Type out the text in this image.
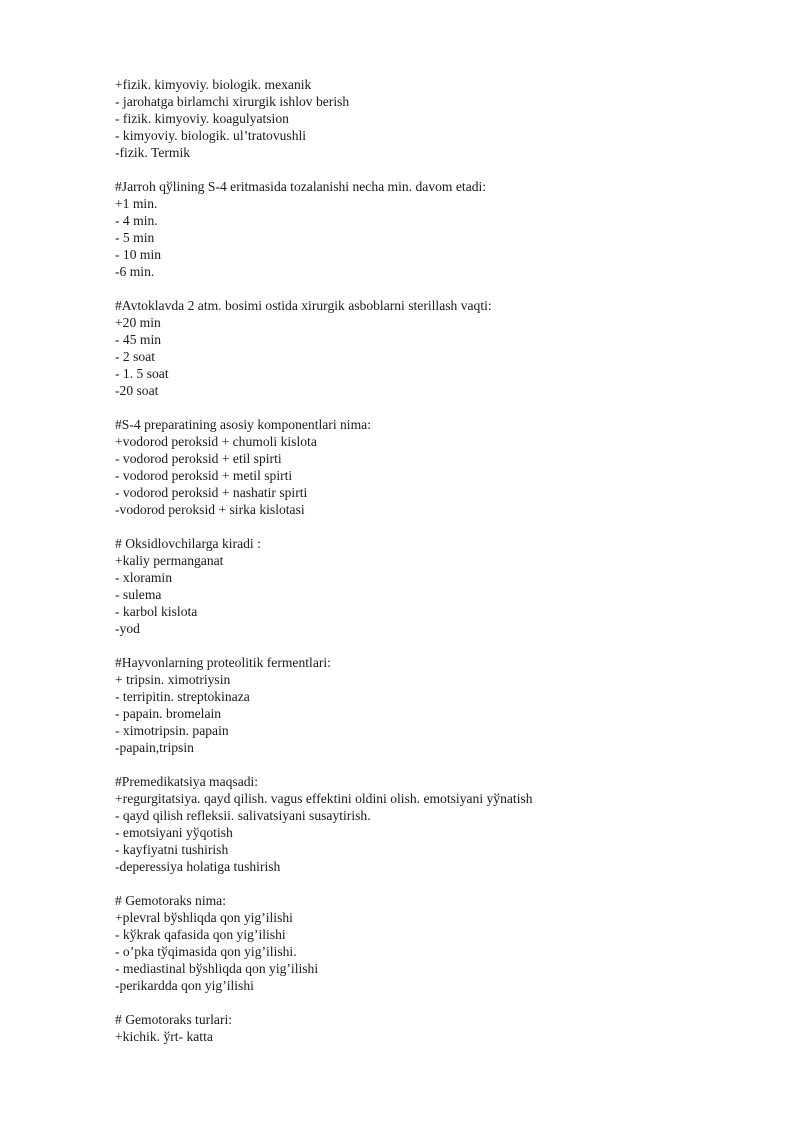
+fizik. kimyoviy. biologik. mexanik
- jarohatga birlamchi xirurgik ishlov berish
- fizik. kimyoviy. koagulyatsion
- kimyoviy. biologik. ul’tratovushli
-fizik. Termik
#Jarroh qўlining S-4 eritmasida tozalanishi necha min. davom etadi:
+1 min.
- 4 min.
- 5 min
- 10 min
-6 min.
#Avtoklavda 2 atm. bosimi ostida xirurgik asboblarni sterillash vaqti:
+20 min
- 45 min
- 2 soat
- 1. 5 soat
-20 soat
#S-4 preparatining asosiy komponentlari nima:
+vodorod peroksid + chumoli kislota
- vodorod peroksid + etil spirti
- vodorod peroksid + metil spirti
- vodorod peroksid + nashatir spirti
-vodorod peroksid + sirka kislotasi
# Oksidlovchilarga kiradi :
+kaliy permanganat
- xloramin
- sulema
- karbol kislota
-yod
#Hayvonlarning proteolitik fermentlari:
+ tripsin. ximotriysin
- terripitin. streptokinaza
- papain. bromelain
- ximotripsin. papain
-papain,tripsin
#Premedikatsiya maqsadi:
+regurgitatsiya. qayd qilish. vagus effektini oldini olish. emotsiyani yўnatish
- qayd qilish refleksii. salivatsiyani susaytirish.
- emotsiyani yўqotish
- kayfiyatni tushirish
-deperessiya holatiga tushirish
# Gemotoraks nima:
+plevral bўshliqda qon yig’ilishi
- kўkrak qafasida qon yig’ilishi
- o’pka tўqimasida qon yig’ilishi.
- mediastinal bўshliqda qon yig’ilishi
-perikardda qon yig’ilishi
# Gemotoraks turlari:
+kichik. ўrt- katta
